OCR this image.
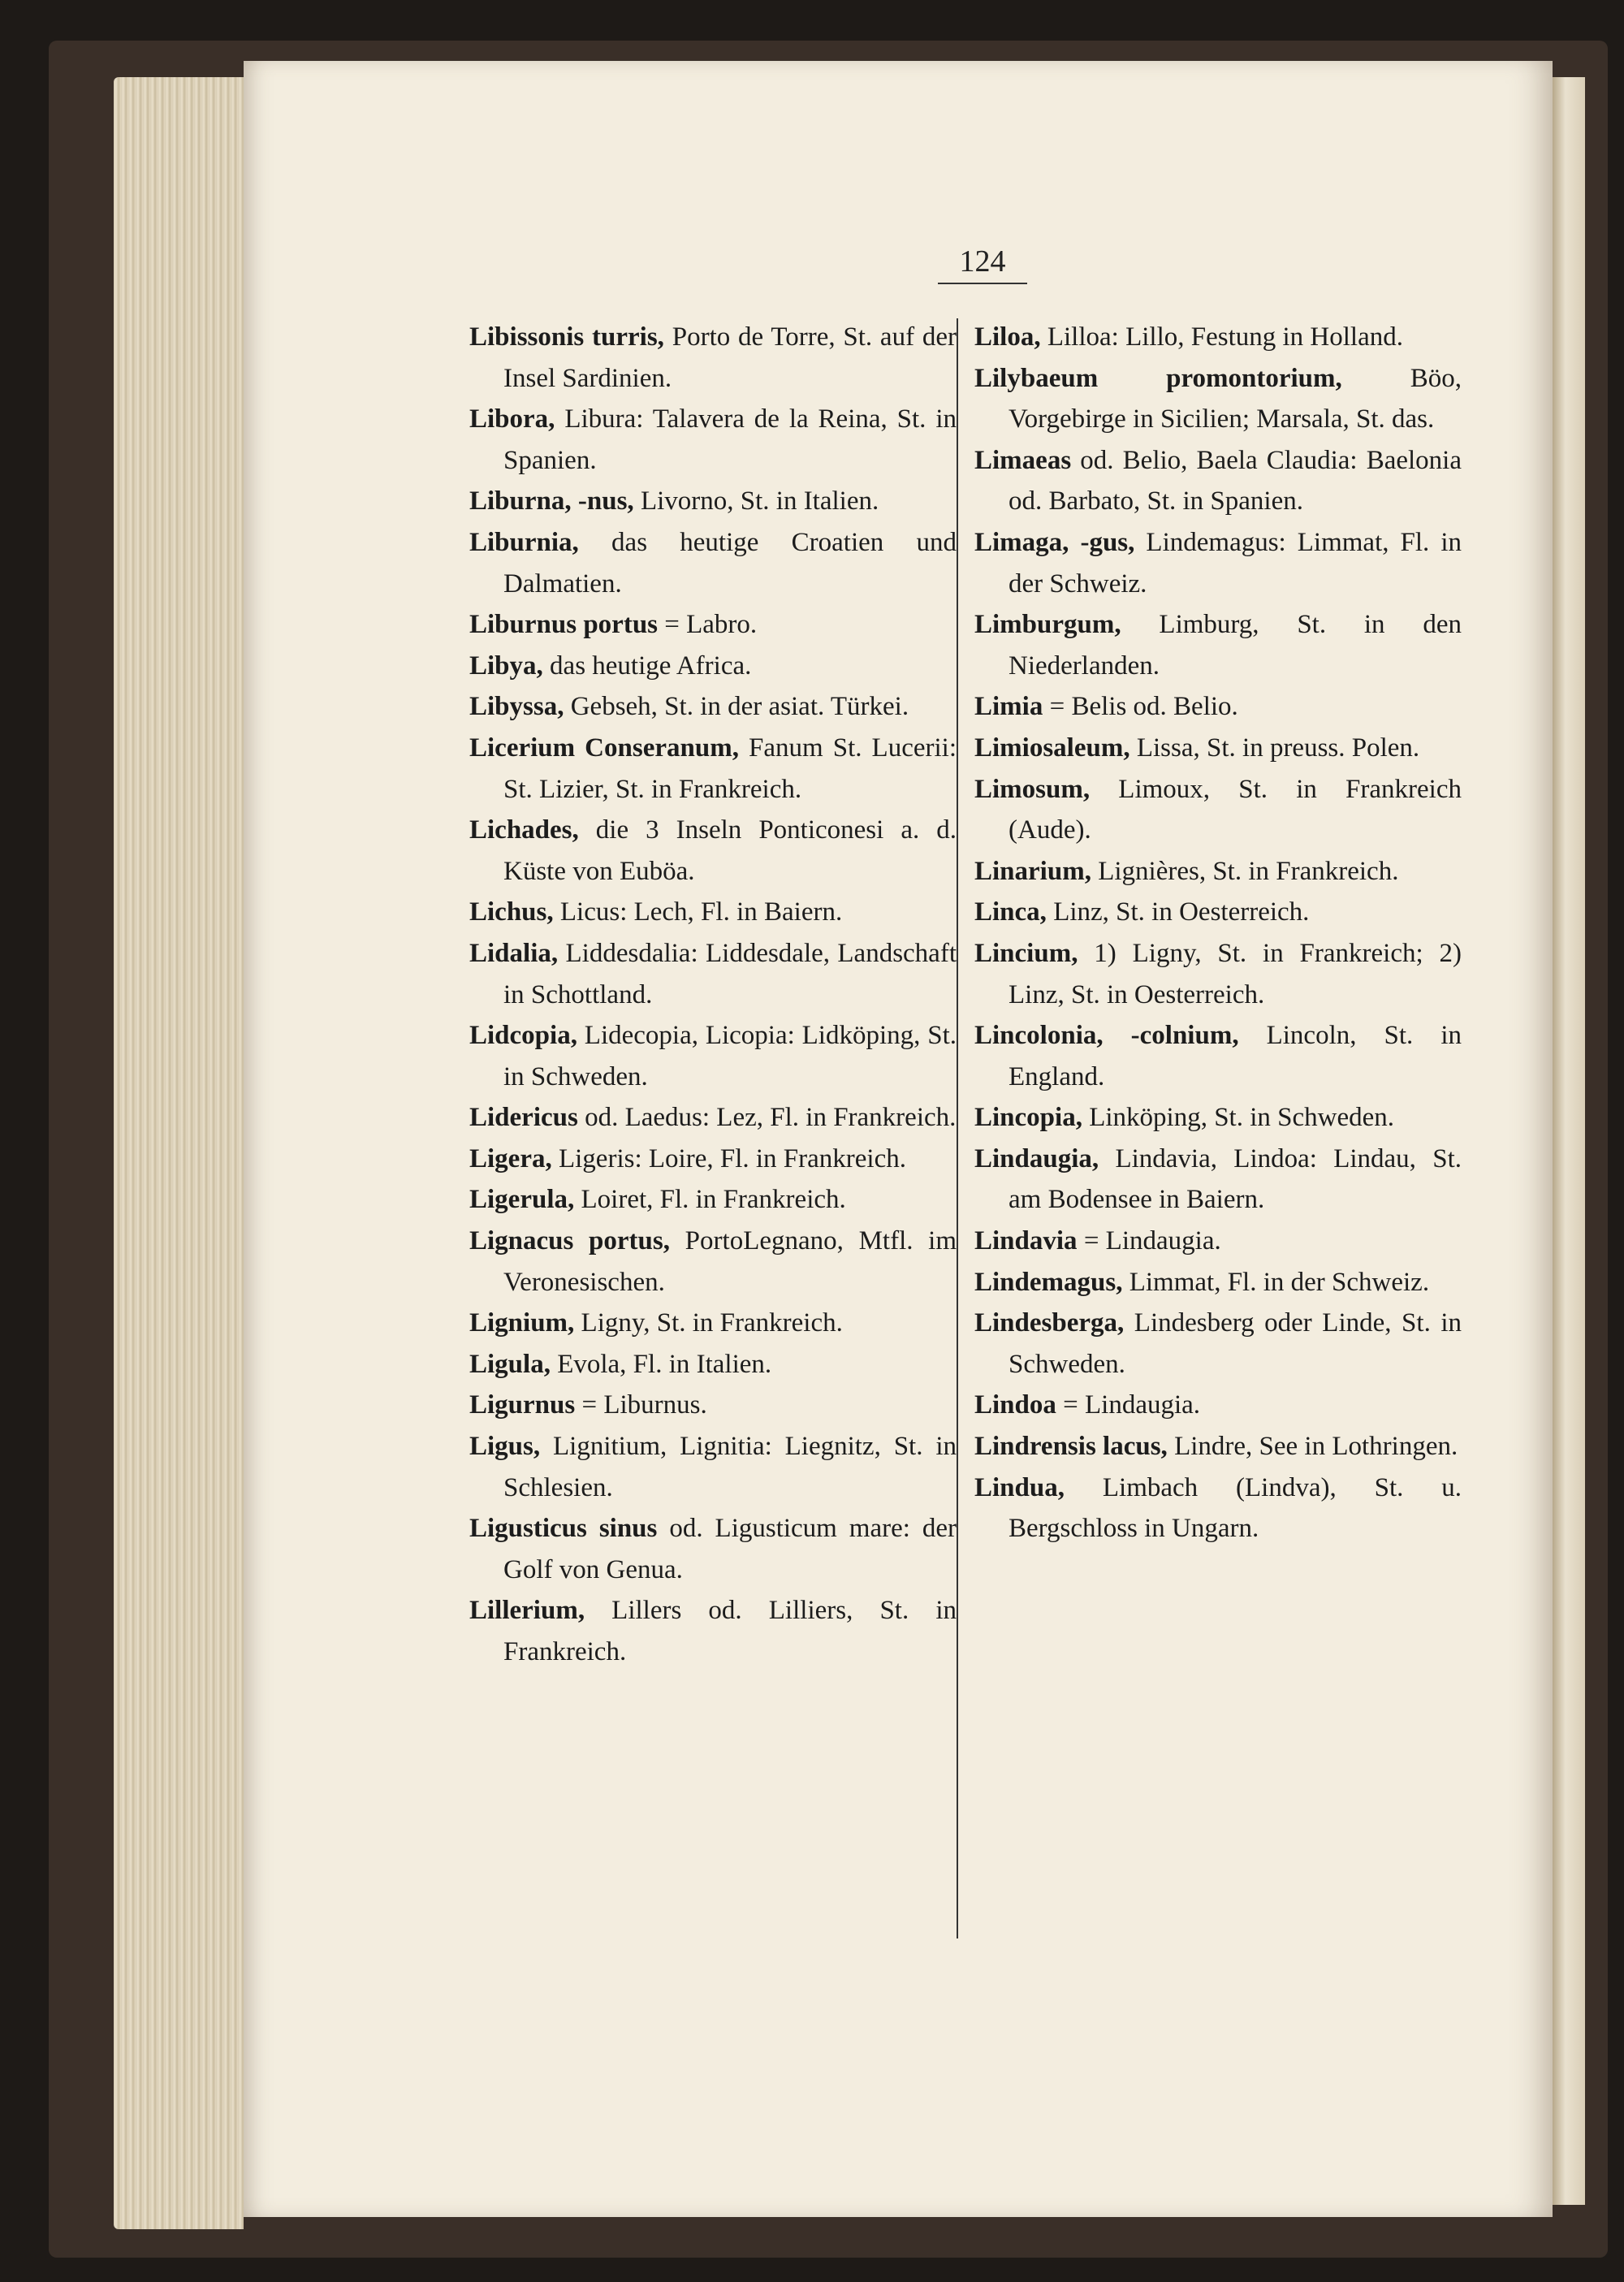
124

Libissonis turris, Porto de Torre, St. auf der Insel Sardinien.

Libora, Libura: Talavera de la Reina, St. in Spanien.

Liburna, -nus, Livorno, St. in Italien.

Liburnia, das heutige Croatien und Dalmatien.

Liburnus portus = Labro.

Libya, das heutige Africa.

Libyssa, Gebseh, St. in der asiat. Türkei.

Licerium Conseranum, Fanum St. Lucerii: St. Lizier, St. in Frankreich.

Lichades, die 3 Inseln Ponticonesi a. d. Küste von Euböa.

Lichus, Licus: Lech, Fl. in Baiern.

Lidalia, Liddesdalia: Liddesdale, Landschaft in Schottland.

Lidcopia, Lidecopia, Licopia: Lidköping, St. in Schweden.

Lidericus od. Laedus: Lez, Fl. in Frankreich.

Ligera, Ligeris: Loire, Fl. in Frankreich.

Ligerula, Loiret, Fl. in Frankreich.

Lignacus portus, PortoLegnano, Mtfl. im Veronesischen.

Lignium, Ligny, St. in Frankreich.

Ligula, Evola, Fl. in Italien.

Ligurnus = Liburnus.

Ligus, Lignitium, Lignitia: Liegnitz, St. in Schlesien.

Ligusticus sinus od. Ligusticum mare: der Golf von Genua.

Lillerium, Lillers od. Lilliers, St. in Frankreich.

Liloa, Lilloa: Lillo, Festung in Holland.

Lilybaeum promontorium, Böo, Vorgebirge in Sicilien; Marsala, St. das.

Limaeas od. Belio, Baela Claudia: Baelonia od. Barbato, St. in Spanien.

Limaga, -gus, Lindemagus: Limmat, Fl. in der Schweiz.

Limburgum, Limburg, St. in den Niederlanden.

Limia = Belis od. Belio.

Limiosaleum, Lissa, St. in preuss. Polen.

Limosum, Limoux, St. in Frankreich (Aude).

Linarium, Lignières, St. in Frankreich.

Linca, Linz, St. in Oesterreich.

Lincium, 1) Ligny, St. in Frankreich; 2) Linz, St. in Oesterreich.

Lincolonia, -colnium, Lincoln, St. in England.

Lincopia, Linköping, St. in Schweden.

Lindaugia, Lindavia, Lindoa: Lindau, St. am Bodensee in Baiern.

Lindavia = Lindaugia.

Lindemagus, Limmat, Fl. in der Schweiz.

Lindesberga, Lindesberg oder Linde, St. in Schweden.

Lindoa = Lindaugia.

Lindrensis lacus, Lindre, See in Lothringen.

Lindua, Limbach (Lindva), St. u. Bergschloss in Ungarn.
